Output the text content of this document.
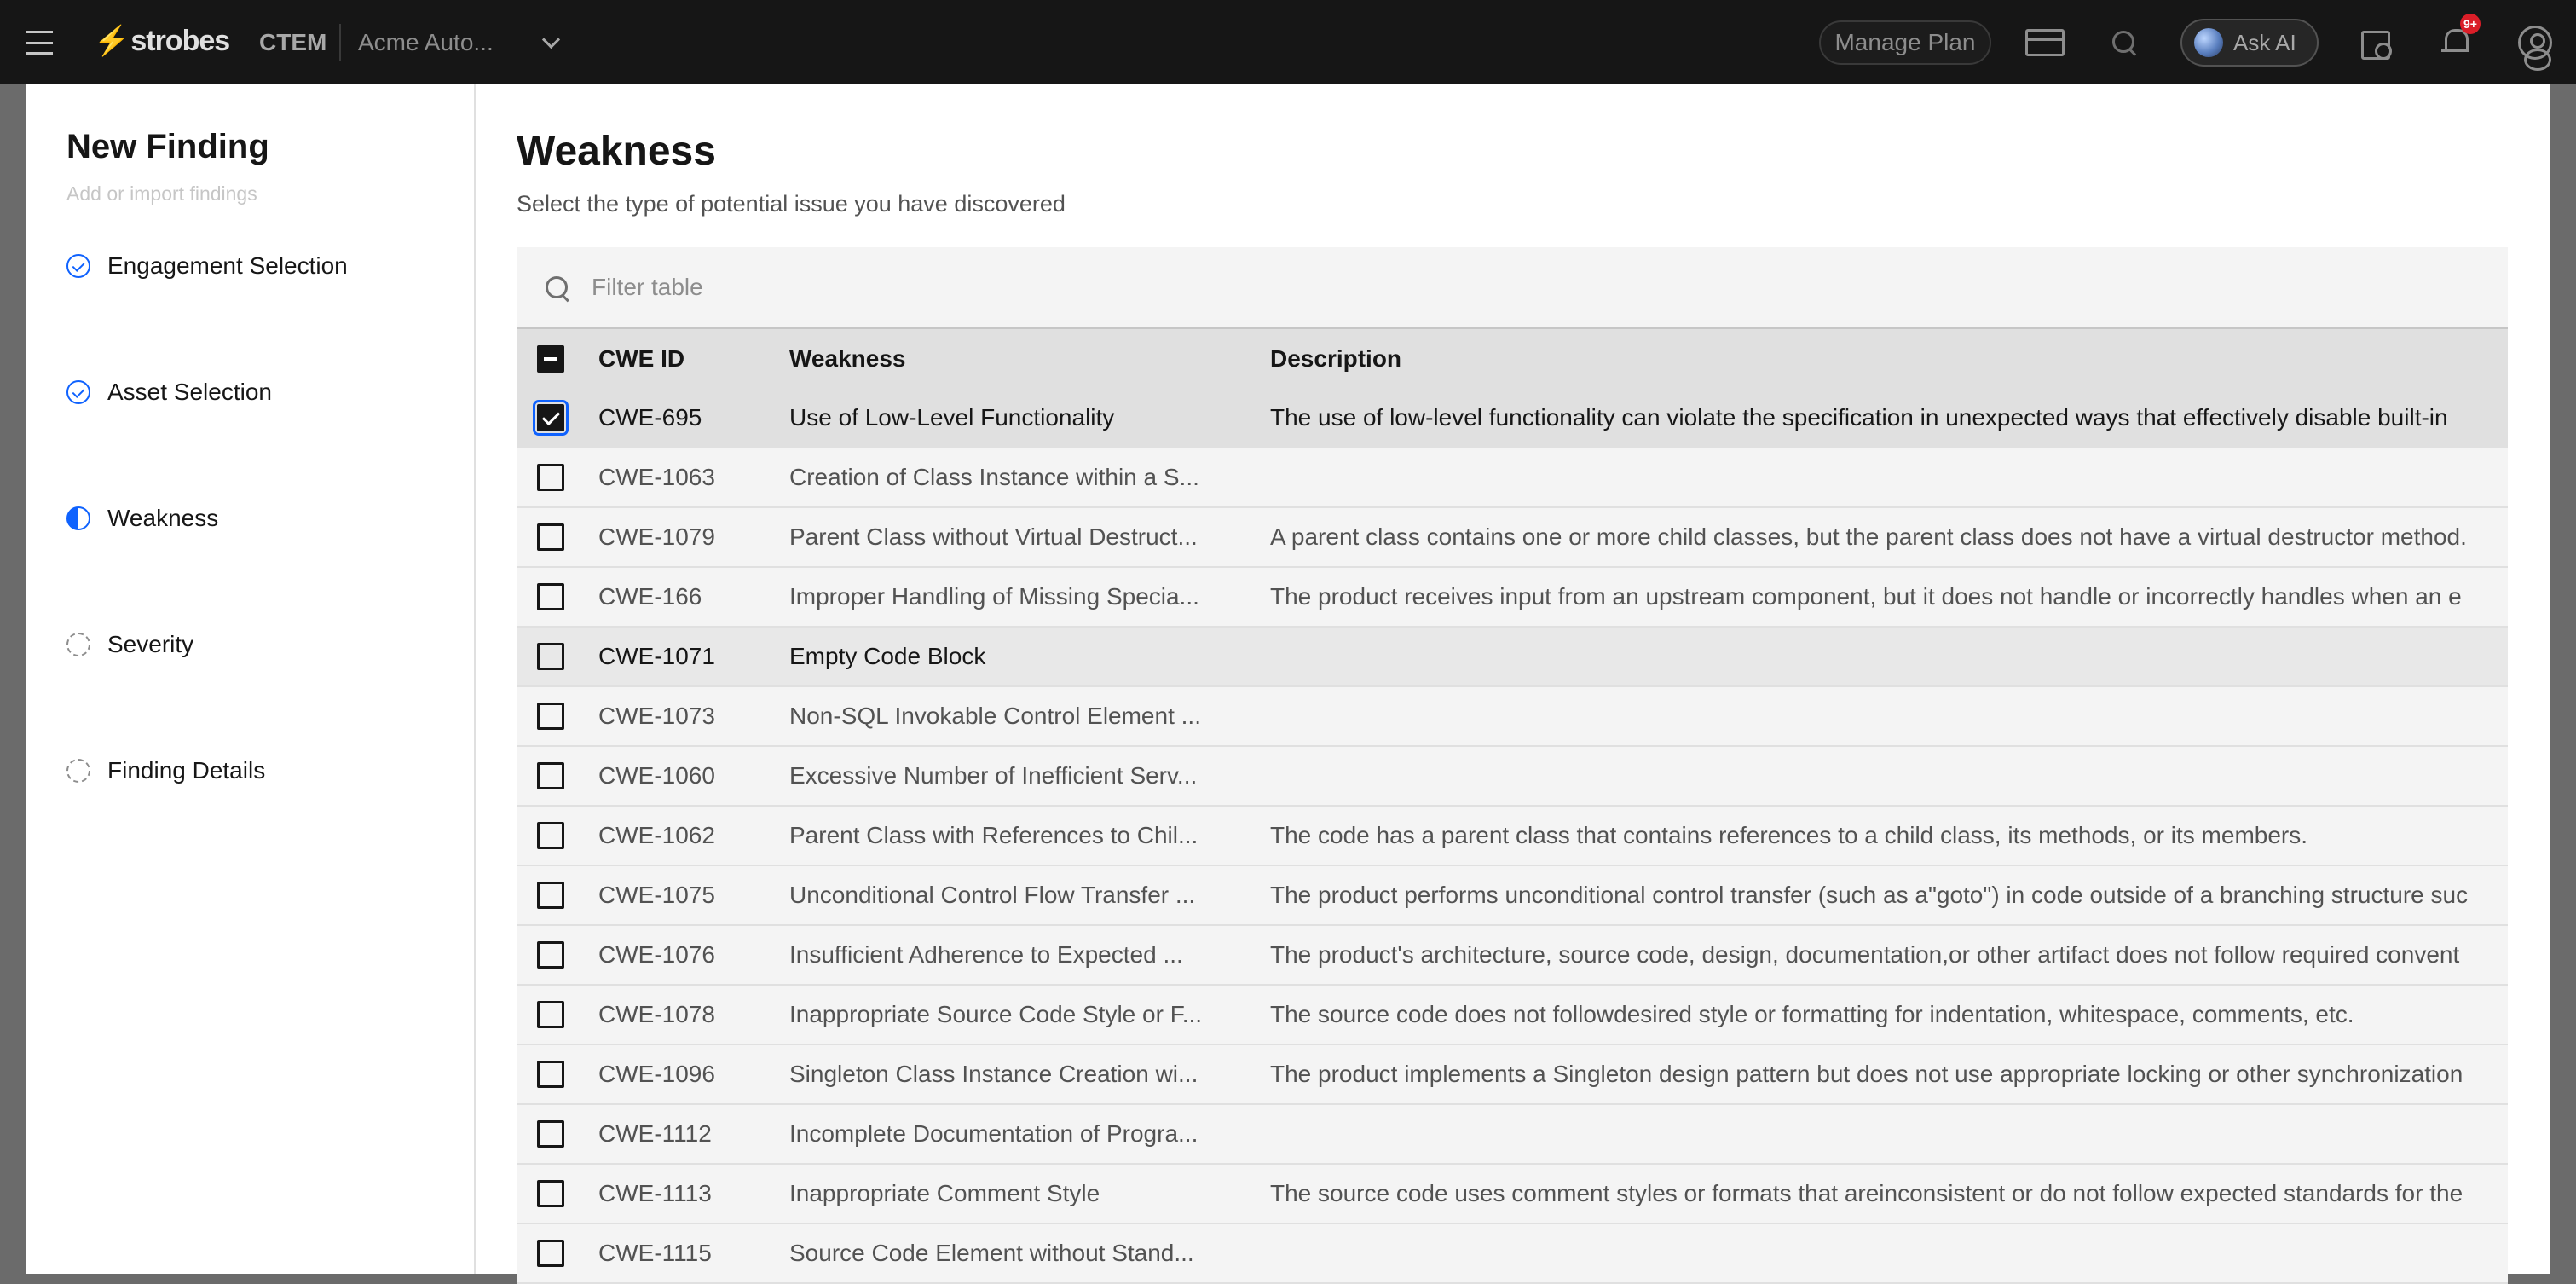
⚡ strobes CTEM Acme Auto...	Manage Plan	Ask AI
9+
New Finding
Add or import findings
Engagement Selection
Asset Selection
Weakness
Severity
Finding Details
Weakness
Select the type of potential issue you have discovered
Filter table
CWE ID	Weakness	Description
CWE-695	Use of Low-Level Functionality	The use of low-level functionality can violate the specification in unexpected ways that effectively disable built-in
CWE-1063	Creation of Class Instance within a S...
CWE-1079	Parent Class without Virtual Destruct...	A parent class contains one or more child classes, but the parent class does not have a virtual destructor method.
CWE-166	Improper Handling of Missing Specia...	The product receives input from an upstream component, but it does not handle or incorrectly handles when an e
CWE-1071	Empty Code Block
CWE-1073	Non-SQL Invokable Control Element ...
CWE-1060	Excessive Number of Inefficient Serv...
CWE-1062	Parent Class with References to Chil...	The code has a parent class that contains references to a child class, its methods, or its members.
CWE-1075	Unconditional Control Flow Transfer ...	The product performs unconditional control transfer (such as a"goto") in code outside of a branching structure suc
CWE-1076	Insufficient Adherence to Expected ...	The product's architecture, source code, design, documentation,or other artifact does not follow required convent
CWE-1078	Inappropriate Source Code Style or F...	The source code does not followdesired style or formatting for indentation, whitespace, comments, etc.
CWE-1096	Singleton Class Instance Creation wi...	The product implements a Singleton design pattern but does not use appropriate locking or other synchronization
CWE-1112	Incomplete Documentation of Progra...
CWE-1113	Inappropriate Comment Style	The source code uses comment styles or formats that areinconsistent or do not follow expected standards for the
CWE-1115	Source Code Element without Stand...
